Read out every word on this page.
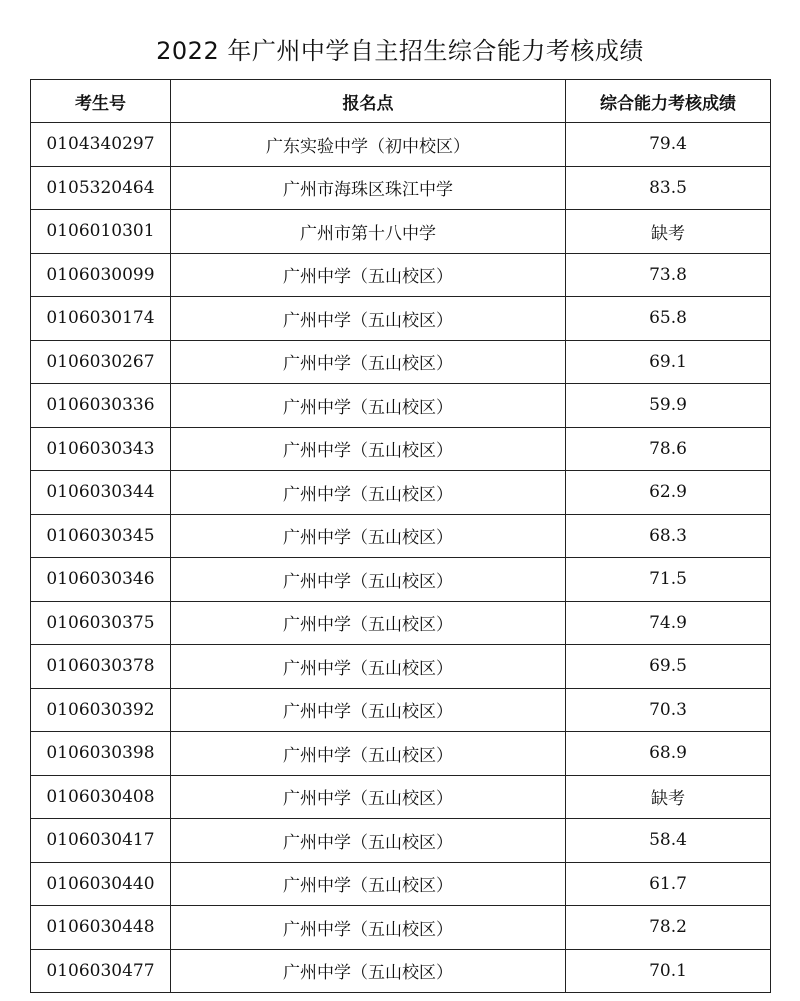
2022 年广州中学自主招生综合能力考核成绩
考生号	报名点	综合能力考核成绩
0104340297	广东实验中学（初中校区）	79.4
0105320464	广州市海珠区珠江中学	83.5
0106010301	广州市第十八中学	缺考
0106030099	广州中学（五山校区）	73.8
0106030174	广州中学（五山校区）	65.8
0106030267	广州中学（五山校区）	69.1
0106030336	广州中学（五山校区）	59.9
0106030343	广州中学（五山校区）	78.6
0106030344	广州中学（五山校区）	62.9
0106030345	广州中学（五山校区）	68.3
0106030346	广州中学（五山校区）	71.5
0106030375	广州中学（五山校区）	74.9
0106030378	广州中学（五山校区）	69.5
0106030392	广州中学（五山校区）	70.3
0106030398	广州中学（五山校区）	68.9
0106030408	广州中学（五山校区）	缺考
0106030417	广州中学（五山校区）	58.4
0106030440	广州中学（五山校区）	61.7
0106030448	广州中学（五山校区）	78.2
0106030477	广州中学（五山校区）	70.1
